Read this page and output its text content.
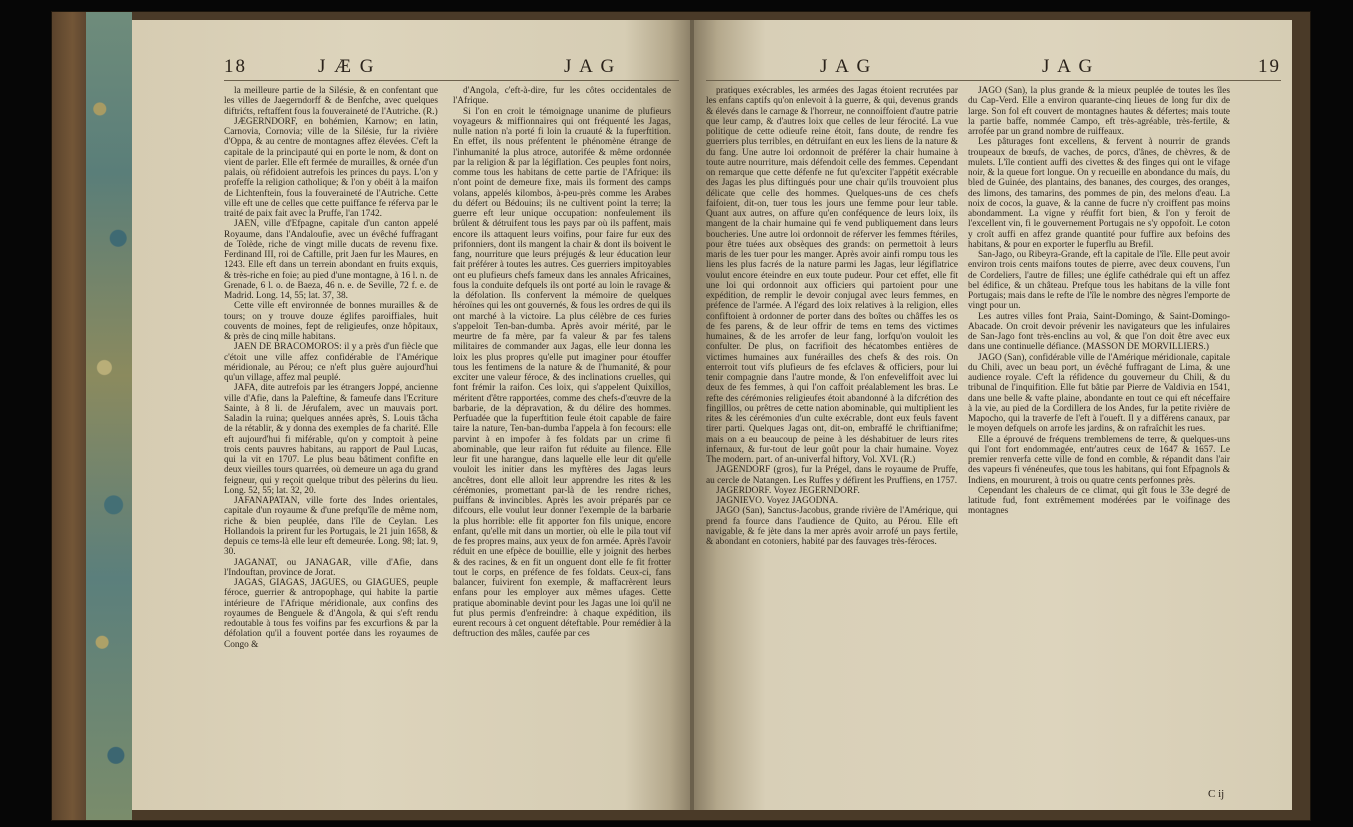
18	J Æ G	J A G

la meilleure partie de la Silésie, & en confentant que les villes de Jaegerndorff & de Benfche, avec quelques diftrićts, reftaffent fous la fouveraineté de l'Autriche. (R.)

JÆGERNDORF, en bohémien, Karnow; en latin, Carnovia, Cornovia; ville de la Silésie, fur la rivière d'Oppa, & au centre de montagnes affez élevées. C'eft la capitale de la principauté qui en porte le nom, & dont on vient de parler. Elle eft fermée de murailles, & ornée d'un palais, où réfidoient autrefois les princes du pays. L'on y profeffe la religion catholique; & l'on y obéit à la maifon de Lichtenftein, fous la fouveraineté de l'Autriche. Cette ville eft une de celles que cette puiffance fe réferva par le traité de paix fait avec la Pruffe, l'an 1742.

JAEN, ville d'Efpagne, capitale d'un canton appelé Royaume, dans l'Andaloufie, avec un évêché fuffragant de Tolède, riche de vingt mille ducats de revenu fixe. Ferdinand III, roi de Caftille, prit Jaen fur les Maures, en 1243. Elle eft dans un terrein abondant en fruits exquis, & très-riche en foie; au pied d'une montagne, à 16 l. n. de Grenade, 6 l. o. de Baeza, 46 n. e. de Seville, 72 f. e. de Madrid. Long. 14, 55; lat. 37, 38.

Cette ville eft environnée de bonnes murailles & de tours; on y trouve douze églifes paroiffiales, huit couvents de moines, fept de religieufes, onze hôpitaux, & près de cinq mille habitans.

JAEN DE BRACOMOROS: il y a près d'un fiècle que c'étoit une ville affez confidérable de l'Amérique méridionale, au Pérou; ce n'eft plus guère aujourd'hui qu'un village, affez mal peuplé.

JAFA, dite autrefois par les étrangers Joppé, ancienne ville d'Afie, dans la Paleftine, & fameufe dans l'Ecriture Sainte, à 8 li. de Jérufalem, avec un mauvais port. Saladin la ruina; quelques années après, S. Louis tâcha de la rétablir, & y donna des exemples de fa charité. Elle eft aujourd'hui fi miférable, qu'on y comptoit à peine trois cents pauvres habitans, au rapport de Paul Lucas, qui la vit en 1707. Le plus beau bâtiment confifte en deux vieilles tours quarrées, où demeure un aga du grand feigneur, qui y reçoit quelque tribut des pèlerins du lieu. Long. 52, 55; lat. 32, 20.

JAFANAPATAN, ville forte des Indes orientales, capitale d'un royaume & d'une prefqu'île de même nom, riche & bien peuplée, dans l'île de Ceylan. Les Hollandois la prirent fur les Portugais, le 21 juin 1658, & depuis ce tems-là elle leur eft demeurée. Long. 98; lat. 9, 30.

JAGANAT, ou JANAGAR, ville d'Afie, dans l'Indouftan, province de Jorat.

JAGAS, GIAGAS, JAGUES, ou GIAGUES, peuple féroce, guerrier & antropophage, qui habite la partie intérieure de l'Afrique méridionale, aux confins des royaumes de Benguele & d'Angola, & qui s'eft rendu redoutable à tous fes voifins par fes excurfions & par la défolation qu'il a fouvent portée dans les royaumes de Congo &

d'Angola, c'eft-à-dire, fur les côtes occidentales de l'Afrique.

Si l'on en croit le témoignage unanime de plufieurs voyageurs & miffionnaires qui ont fréquenté les Jagas, nulle nation n'a porté fi loin la cruauté & la fuperftition. En effet, ils nous préfentent le phénomène étrange de l'inhumanité la plus atroce, autorifée & même ordonnée par la religion & par la légiflation. Ces peuples font noirs, comme tous les habitans de cette partie de l'Afrique: ils n'ont point de demeure fixe, mais ils forment des camps volans, appelés kilombos, à-peu-près comme les Arabes du défert ou Bédouins; ils ne cultivent point la terre; la guerre eft leur unique occupation: nonfeulement ils brûlent & détruifent tous les pays par où ils paffent, mais encore ils attaquent leurs voifins, pour faire fur eux des prifonniers, dont ils mangent la chair & dont ils boivent le fang, nourriture que leurs préjugés & leur éducation leur fait préférer à toutes les autres. Ces guerriers impitoyables ont eu plufieurs chefs fameux dans les annales Africaines, fous la conduite defquels ils ont porté au loin le ravage & la défolation. Ils confervent la mémoire de quelques héroïnes qui les ont gouvernés, & fous les ordres de qui ils ont marché à la victoire. La plus célèbre de ces furies s'appeloit Ten-ban-dumba. Après avoir mérité, par le meurtre de fa mère, par fa valeur & par fes talens militaires de commander aux Jagas, elle leur donna les loix les plus propres qu'elle put imaginer pour étouffer tous les fentimens de la nature & de l'humanité, & pour exciter une valeur féroce, & des inclinations cruelles, qui font frémir la raifon. Ces loix, qui s'appelent Quixillos, méritent d'être rapportées, comme des chefs-d'œuvre de la barbarie, de la dépravation, & du délire des hommes. Perfuadée que la fuperftition feule étoit capable de faire taire la nature, Ten-ban-dumba l'appela à fon fecours: elle parvint à en impofer à fes foldats par un crime fi abominable, que leur raifon fut réduite au filence. Elle leur fit une harangue, dans laquelle elle leur dit qu'elle vouloit les initier dans les myftères des Jagas leurs ancêtres, dont elle alloit leur apprendre les rites & les cérémonies, promettant par-là de les rendre riches, puiffans & invincibles. Après les avoir préparés par ce difcours, elle voulut leur donner l'exemple de la barbarie la plus horrible: elle fit apporter fon fils unique, encore enfant, qu'elle mit dans un mortier, où elle le pila tout vif de fes propres mains, aux yeux de fon armée. Après l'avoir réduit en une efpèce de bouillie, elle y joignit des herbes & des racines, & en fit un onguent dont elle fe fit frotter tout le corps, en préfence de fes foldats. Ceux-ci, fans balancer, fuivirent fon exemple, & maffacrèrent leurs enfans pour les employer aux mêmes ufages. Cette pratique abominable devint pour les Jagas une loi qu'il ne fut plus permis d'enfreindre: à chaque expédition, ils eurent recours à cet onguent déteftable. Pour remédier à la deftruction des mâles, caufée par ces

J A G	J A G	19

pratiques exécrables, les armées des Jagas étoient recrutées par les enfans captifs qu'on enlevoit à la guerre, & qui, devenus grands & élevés dans le carnage & l'horreur, ne connoiffoient d'autre patrie que leur camp, & d'autres loix que celles de leur férocité. La vue politique de cette odieufe reine étoit, fans doute, de rendre fes guerriers plus terribles, en détruifant en eux les liens de la nature & du fang. Une autre loi ordonnoit de préférer la chair humaine à toute autre nourriture, mais défendoit celle des femmes. Cependant on remarque que cette défenfe ne fut qu'exciter l'appétit exécrable des Jagas les plus diftingués pour une chair qu'ils trouvoient plus délicate que celle des hommes. Quelques-uns de ces chefs faifoient, dit-on, tuer tous les jours une femme pour leur table. Quant aux autres, on affure qu'en conféquence de leurs loix, ils mangent de la chair humaine qui fe vend publiquement dans leurs boucheries. Une autre loi ordonnoit de réferver les femmes ftériles, pour être tuées aux obsèques des grands: on permettoit à leurs maris de les tuer pour les manger. Après avoir ainfi rompu tous les liens les plus facrés de la nature parmi les Jagas, leur légiflatrice voulut encore éteindre en eux toute pudeur. Pour cet effet, elle fit une loi qui ordonnoit aux officiers qui partoient pour une expédition, de remplir le devoir conjugal avec leurs femmes, en préfence de l'armée. A l'égard des loix relatives à la religion, elles confiftoient à ordonner de porter dans des boîtes ou châffes les os de fes parens, & de leur offrir de tems en tems des victimes humaines, & de les arrofer de leur fang, lorfqu'on vouloit les confulter. De plus, on facrifioit des hécatombes entières de victimes humaines aux funérailles des chefs & des rois. On enterroit tout vifs plufieurs de fes efclaves & officiers, pour lui tenir compagnie dans l'autre monde, & l'on enfeveliffoit avec lui deux de fes femmes, à qui l'on caffoit préalablement les bras. Le refte des cérémonies religieufes étoit abandonné à la difcrétion des fingilllos, ou prêtres de cette nation abominable, qui multiplient les rites & les cérémonies d'un culte exécrable, dont eux feuls favent tirer parti. Quelques Jagas ont, dit-on, embraffé le chriftianifme; mais on a eu beaucoup de peine à les déshabituer de leurs rites infernaux, & fur-tout de leur goût pour la chair humaine. Voyez The modern. part. of an-univerfal hiftory, Vol. XVI. (R.)

JAGENDORF (gros), fur la Prégel, dans le royaume de Pruffe, au cercle de Natangen. Les Ruffes y défirent les Pruffiens, en 1757.

JAGERDORF. Voyez JEGERNDORF.

JAGNIEVO. Voyez JAGODNA.

JAGO (San), Sanctus-Jacobus, grande rivière de l'Amérique, qui prend fa fource dans l'audience de Quito, au Pérou. Elle eft navigable, & fe jète dans la mer après avoir arrofé un pays fertile, & abondant en cotoniers, habité par des fauvages très-féroces.

JAGO (San), la plus grande & la mieux peuplée de toutes les îles du Cap-Verd. Elle a environ quarante-cinq lieues de long fur dix de large. Son fol eft couvert de montagnes hautes & défertes; mais toute la partie baffe, nommée Campo, eft très-agréable, très-fertile, & arrofée par un grand nombre de ruiffeaux.

Les pâturages font excellens, & fervent à nourrir de grands troupeaux de bœufs, de vaches, de porcs, d'ânes, de chèvres, & de mulets. L'île contient auffi des civettes & des finges qui ont le vifage noir, & la queue fort longue. On y recueille en abondance du maïs, du bled de Guinée, des plantains, des bananes, des courges, des oranges, des limons, des tamarins, des pommes de pin, des melons d'eau. La noix de cocos, la guave, & la canne de fucre n'y croiffent pas moins abondamment. La vigne y réuffit fort bien, & l'on y feroit de l'excellent vin, fi le gouvernement Portugais ne s'y oppofoit. Le coton y croît auffi en affez grande quantité pour fuffire aux befoins des habitans, & pour en exporter le fuperflu au Brefil.

San-Jago, ou Ribeyra-Grande, eft la capitale de l'île. Elle peut avoir environ trois cents maifons toutes de pierre, avec deux couvens, l'un de Cordeliers, l'autre de filles; une églife cathédrale qui eft un affez bel édifice, & un château. Prefque tous les habitans de la ville font Portugais; mais dans le refte de l'île le nombre des nègres l'emporte de vingt pour un.

Les autres villes font Praia, Saint-Domingo, & Saint-Domingo-Abacade. On croit devoir prévenir les navigateurs que les infulaires de San-Jago font très-enclins au vol, & que l'on doit être avec eux dans une continuelle défiance. (MASSON DE MORVILLIERS.)

JAGO (San), confidérable ville de l'Amérique méridionale, capitale du Chili, avec un beau port, un évêché fuffragant de Lima, & une audience royale. C'eft la réfidence du gouverneur du Chili, & du tribunal de l'inquifition. Elle fut bâtie par Pierre de Valdivia en 1541, dans une belle & vafte plaine, abondante en tout ce qui eft néceffaire à la vie, au pied de la Cordillera de los Andes, fur la petite rivière de Mapocho, qui la traverfe de l'eft à l'oueft. Il y a différens canaux, par le moyen defquels on arrofe les jardins, & on rafraîchit les rues.

Elle a éprouvé de fréquens tremblemens de terre, & quelques-uns qui l'ont fort endommagée, entr'autres ceux de 1647 & 1657. Le premier renverfa cette ville de fond en comble, & répandit dans l'air des vapeurs fi vénéneufes, que tous les habitans, qui font Efpagnols & Indiens, en moururent, à trois ou quatre cents perfonnes près.

Cependant les chaleurs de ce climat, qui gît fous le 33e degré de latitude fud, font extrêmement modérées par le voifinage des montagnes

C ij
